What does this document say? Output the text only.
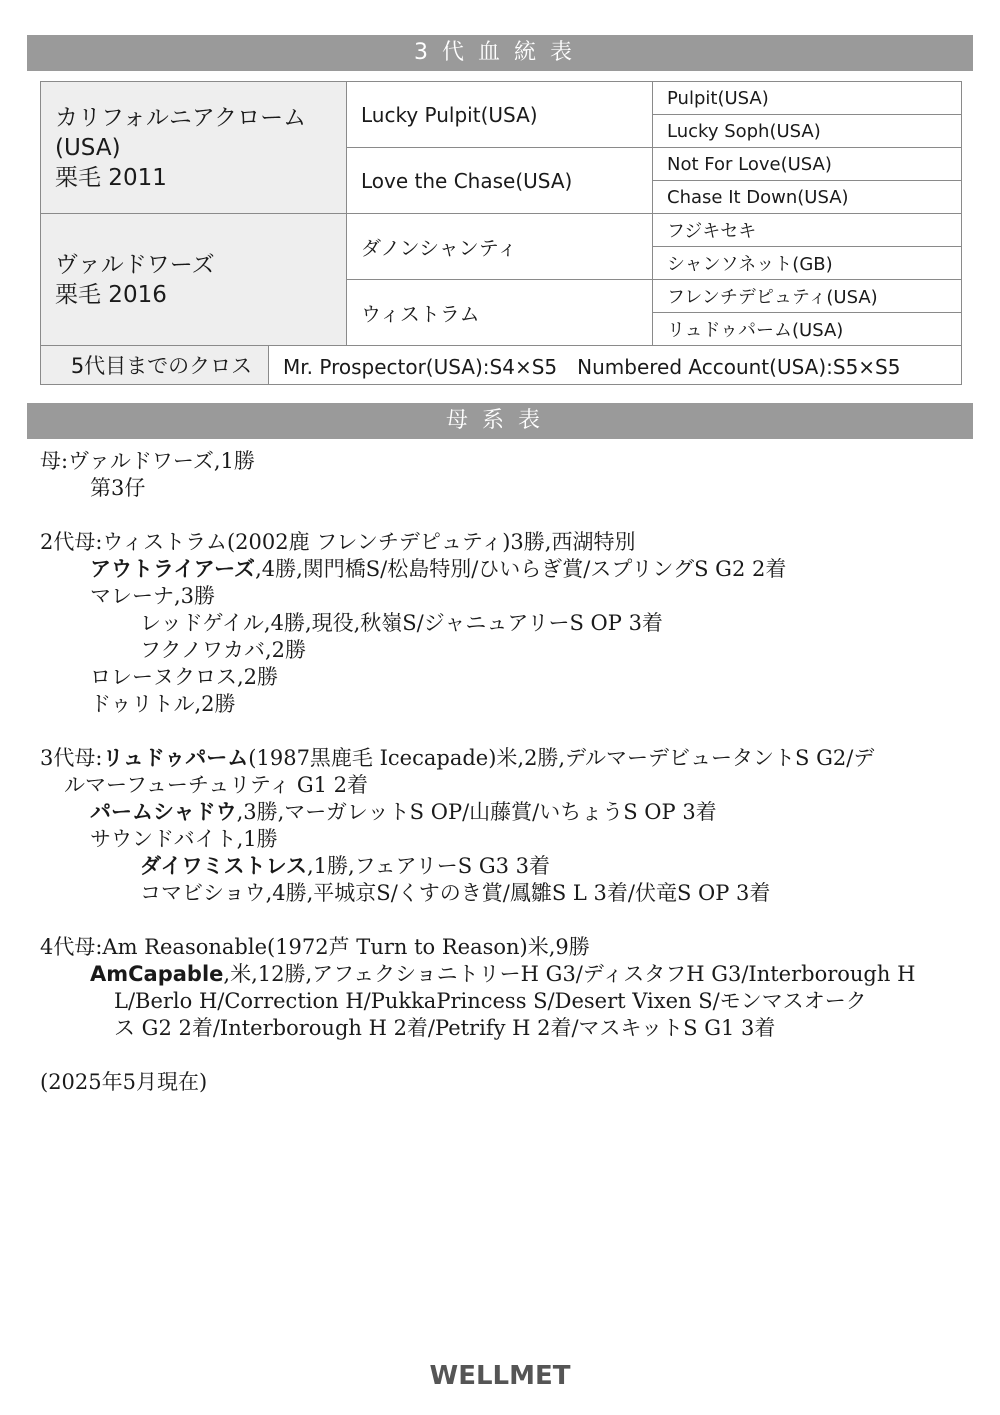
3代血統表
カリフォルニアクローム
(USA)
栗毛 2011		Lucky Pulpit(USA)	Pulpit(USA)
			Lucky Soph(USA)
		Love the Chase(USA)	Not For Love(USA)
			Chase It Down(USA)

ヴァルドワーズ
栗毛 2016		ダノンシャンティ	フジキセキ
			シャンソネット(GB)
		ウィストラム	フレンチデピュティ(USA)
			リュドゥパーム(USA)
5代目までのクロス	Mr. Prospector(USA):S4×S5　Numbered Account(USA):S5×S5		
母系表
母:ヴァルドワーズ,1勝
第3仔
2代母:ウィストラム(2002鹿 フレンチデピュティ)3勝,西湖特別
アウトライアーズ,4勝,関門橋S/松島特別/ひいらぎ賞/スプリングS G2 2着
マレーナ,3勝
レッドゲイル,4勝,現役,秋嶺S/ジャニュアリーS OP 3着
フクノワカバ,2勝
ロレーヌクロス,2勝
ドゥリトル,2勝
3代母:リュドゥパーム(1987黒鹿毛 Icecapade)米,2勝,デルマーデビュータントS G2/デ
ルマーフューチュリティ G1 2着
パームシャドウ,3勝,マーガレットS OP/山藤賞/いちょうS OP 3着
サウンドバイト,1勝
ダイワミストレス,1勝,フェアリーS G3 3着
コマビショウ,4勝,平城京S/くすのき賞/鳳雛S L 3着/伏竜S OP 3着
4代母:Am Reasonable(1972芦 Turn to Reason)米,9勝
AmCapable,米,12勝,アフェクショニトリーH G3/ディスタフH G3/Interborough H
L/Berlo H/Correction H/PukkaPrincess S/Desert Vixen S/モンマスオーク
ス G2 2着/Interborough H 2着/Petrify H 2着/マスキットS G1 3着
(2025年5月現在)
WELLMET
